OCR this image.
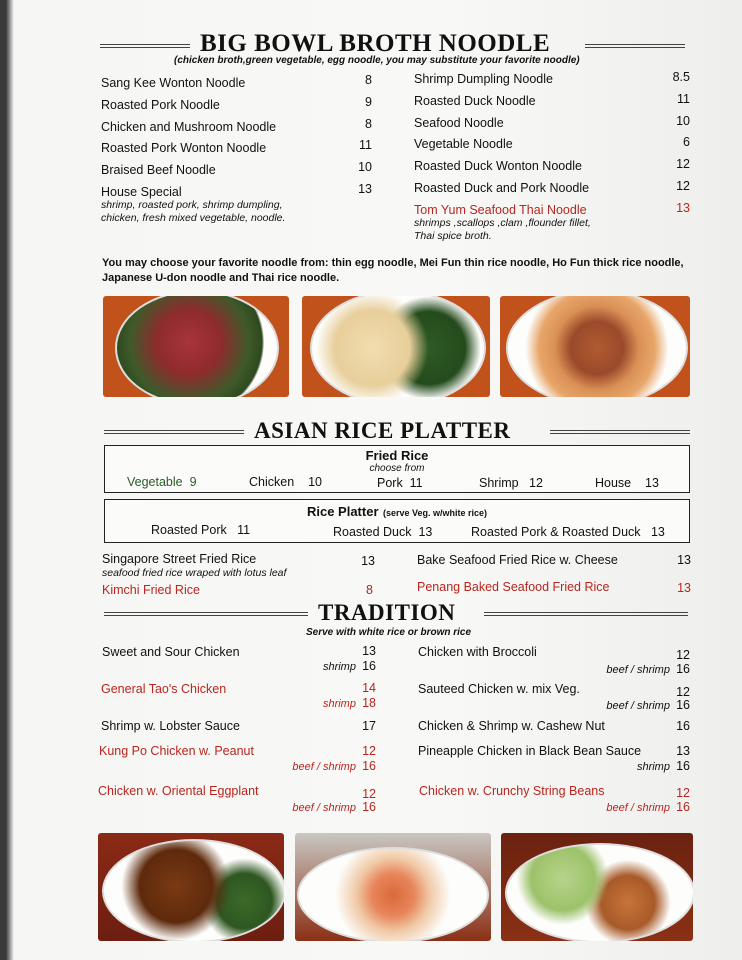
BIG BOWL BROTH NOODLE
(chicken broth,green vegetable, egg noodle, you may substitute your favorite noodle)
Sang Kee Wonton Noodle	8
Roasted Pork Noodle	9
Chicken and Mushroom Noodle	8
Roasted Pork Wonton Noodle	11
Braised Beef Noodle	10
House Special	13
shrimp, roasted pork, shrimp dumpling,
chicken, fresh mixed vegetable, noodle.
Shrimp Dumpling Noodle	8.5
Roasted Duck Noodle	11
Seafood Noodle	10
Vegetable Noodle	6
Roasted Duck Wonton Noodle	12
Roasted Duck and Pork Noodle	12
Tom Yum Seafood Thai Noodle	13
shrimps ,scallops ,clam ,flounder fillet,
Thai spice broth.
You may choose your favorite noodle from: thin egg noodle, Mei Fun thin rice noodle, Ho Fun thick rice noodle,
Japanese U-don noodle and Thai rice noodle.
ASIAN RICE PLATTER
Fried Rice
choose from
Vegetable 9	Chicken 10	Pork 11	Shrimp 12	House 13
Rice Platter (serve Veg. w/white rice)
Roasted Pork 11	Roasted Duck 13	Roasted Pork & Roasted Duck 13
Singapore Street Fried Rice	13
seafood fried rice wraped with lotus leaf
Kimchi Fried Rice	8
Bake Seafood Fried Rice w. Cheese	13
Penang Baked Seafood Fried Rice	13
TRADITION
Serve with white rice or brown rice
Sweet and Sour Chicken	13
shrimp 16
General Tao's Chicken	14
shrimp 18
Shrimp w. Lobster Sauce	17
Kung Po Chicken w. Peanut	12
beef / shrimp 16
Chicken w. Oriental Eggplant	12
beef / shrimp 16
Chicken with Broccoli	12
beef / shrimp 16
Sauteed Chicken w. mix Veg.	12
beef / shrimp 16
Chicken & Shrimp w. Cashew Nut	16
Pineapple Chicken in Black Bean Sauce	13
shrimp 16
Chicken w. Crunchy String Beans	12
beef / shrimp 16
